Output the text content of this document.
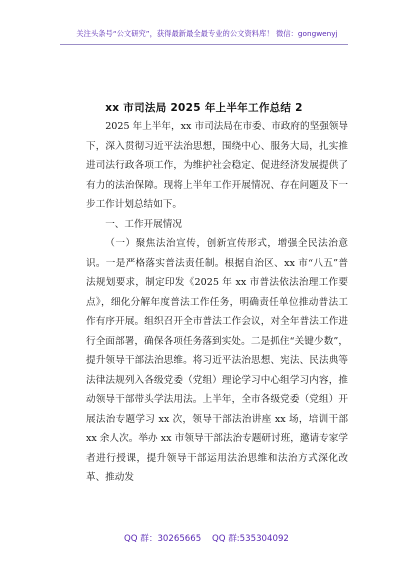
关注头条号“公文研究”，获得最新最全最专业的公文资料库！ 微信：gongwenyj
xx 市司法局 2025 年上半年工作总结 2

2025 年上半年，xx 市司法局在市委、市政府的坚强领导下，深入贯彻习近平法治思想，围绕中心、服务大局，扎实推进司法行政各项工作，为维护社会稳定、促进经济发展提供了有力的法治保障。现将上半年工作开展情况、存在问题及下一步工作计划总结如下。

一、工作开展情况

（一）聚焦法治宣传，创新宣传形式，增强全民法治意识。一是严格落实普法责任制。根据自治区、xx 市“八五”普法规划要求，制定印发《2025 年 xx 市普法依法治理工作要点》，细化分解年度普法工作任务，明确责任单位推动普法工作有序开展。组织召开全市普法工作会议，对全年普法工作进行全面部署，确保各项任务落到实处。二是抓住“关键少数”，提升领导干部法治思维。将习近平法治思想、宪法、民法典等法律法规列入各级党委（党组）理论学习中心组学习内容，推动领导干部带头学法用法。上半年，全市各级党委（党组）开展法治专题学习 xx 次，领导干部法治讲座 xx 场，培训干部 xx 余人次。举办 xx 市领导干部法治专题研讨班，邀请专家学者进行授课，提升领导干部运用法治思维和法治方式深化改革、推动发

QQ 群：30265665 QQ 群:535304092
